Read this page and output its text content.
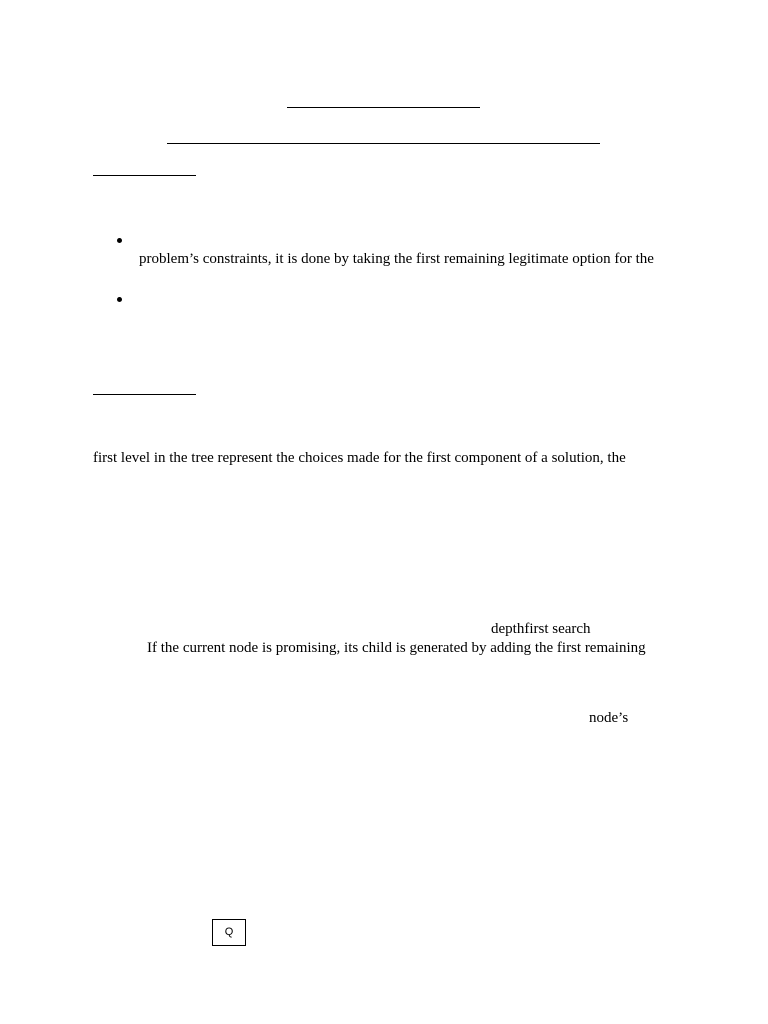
problem’s constraints, it is done by taking the first remaining legitimate option for the
first level in the tree represent the choices made for the first component of a solution, the
depthfirst search
If the current node is promising, its child is generated by adding the first remaining
node’s
Q
